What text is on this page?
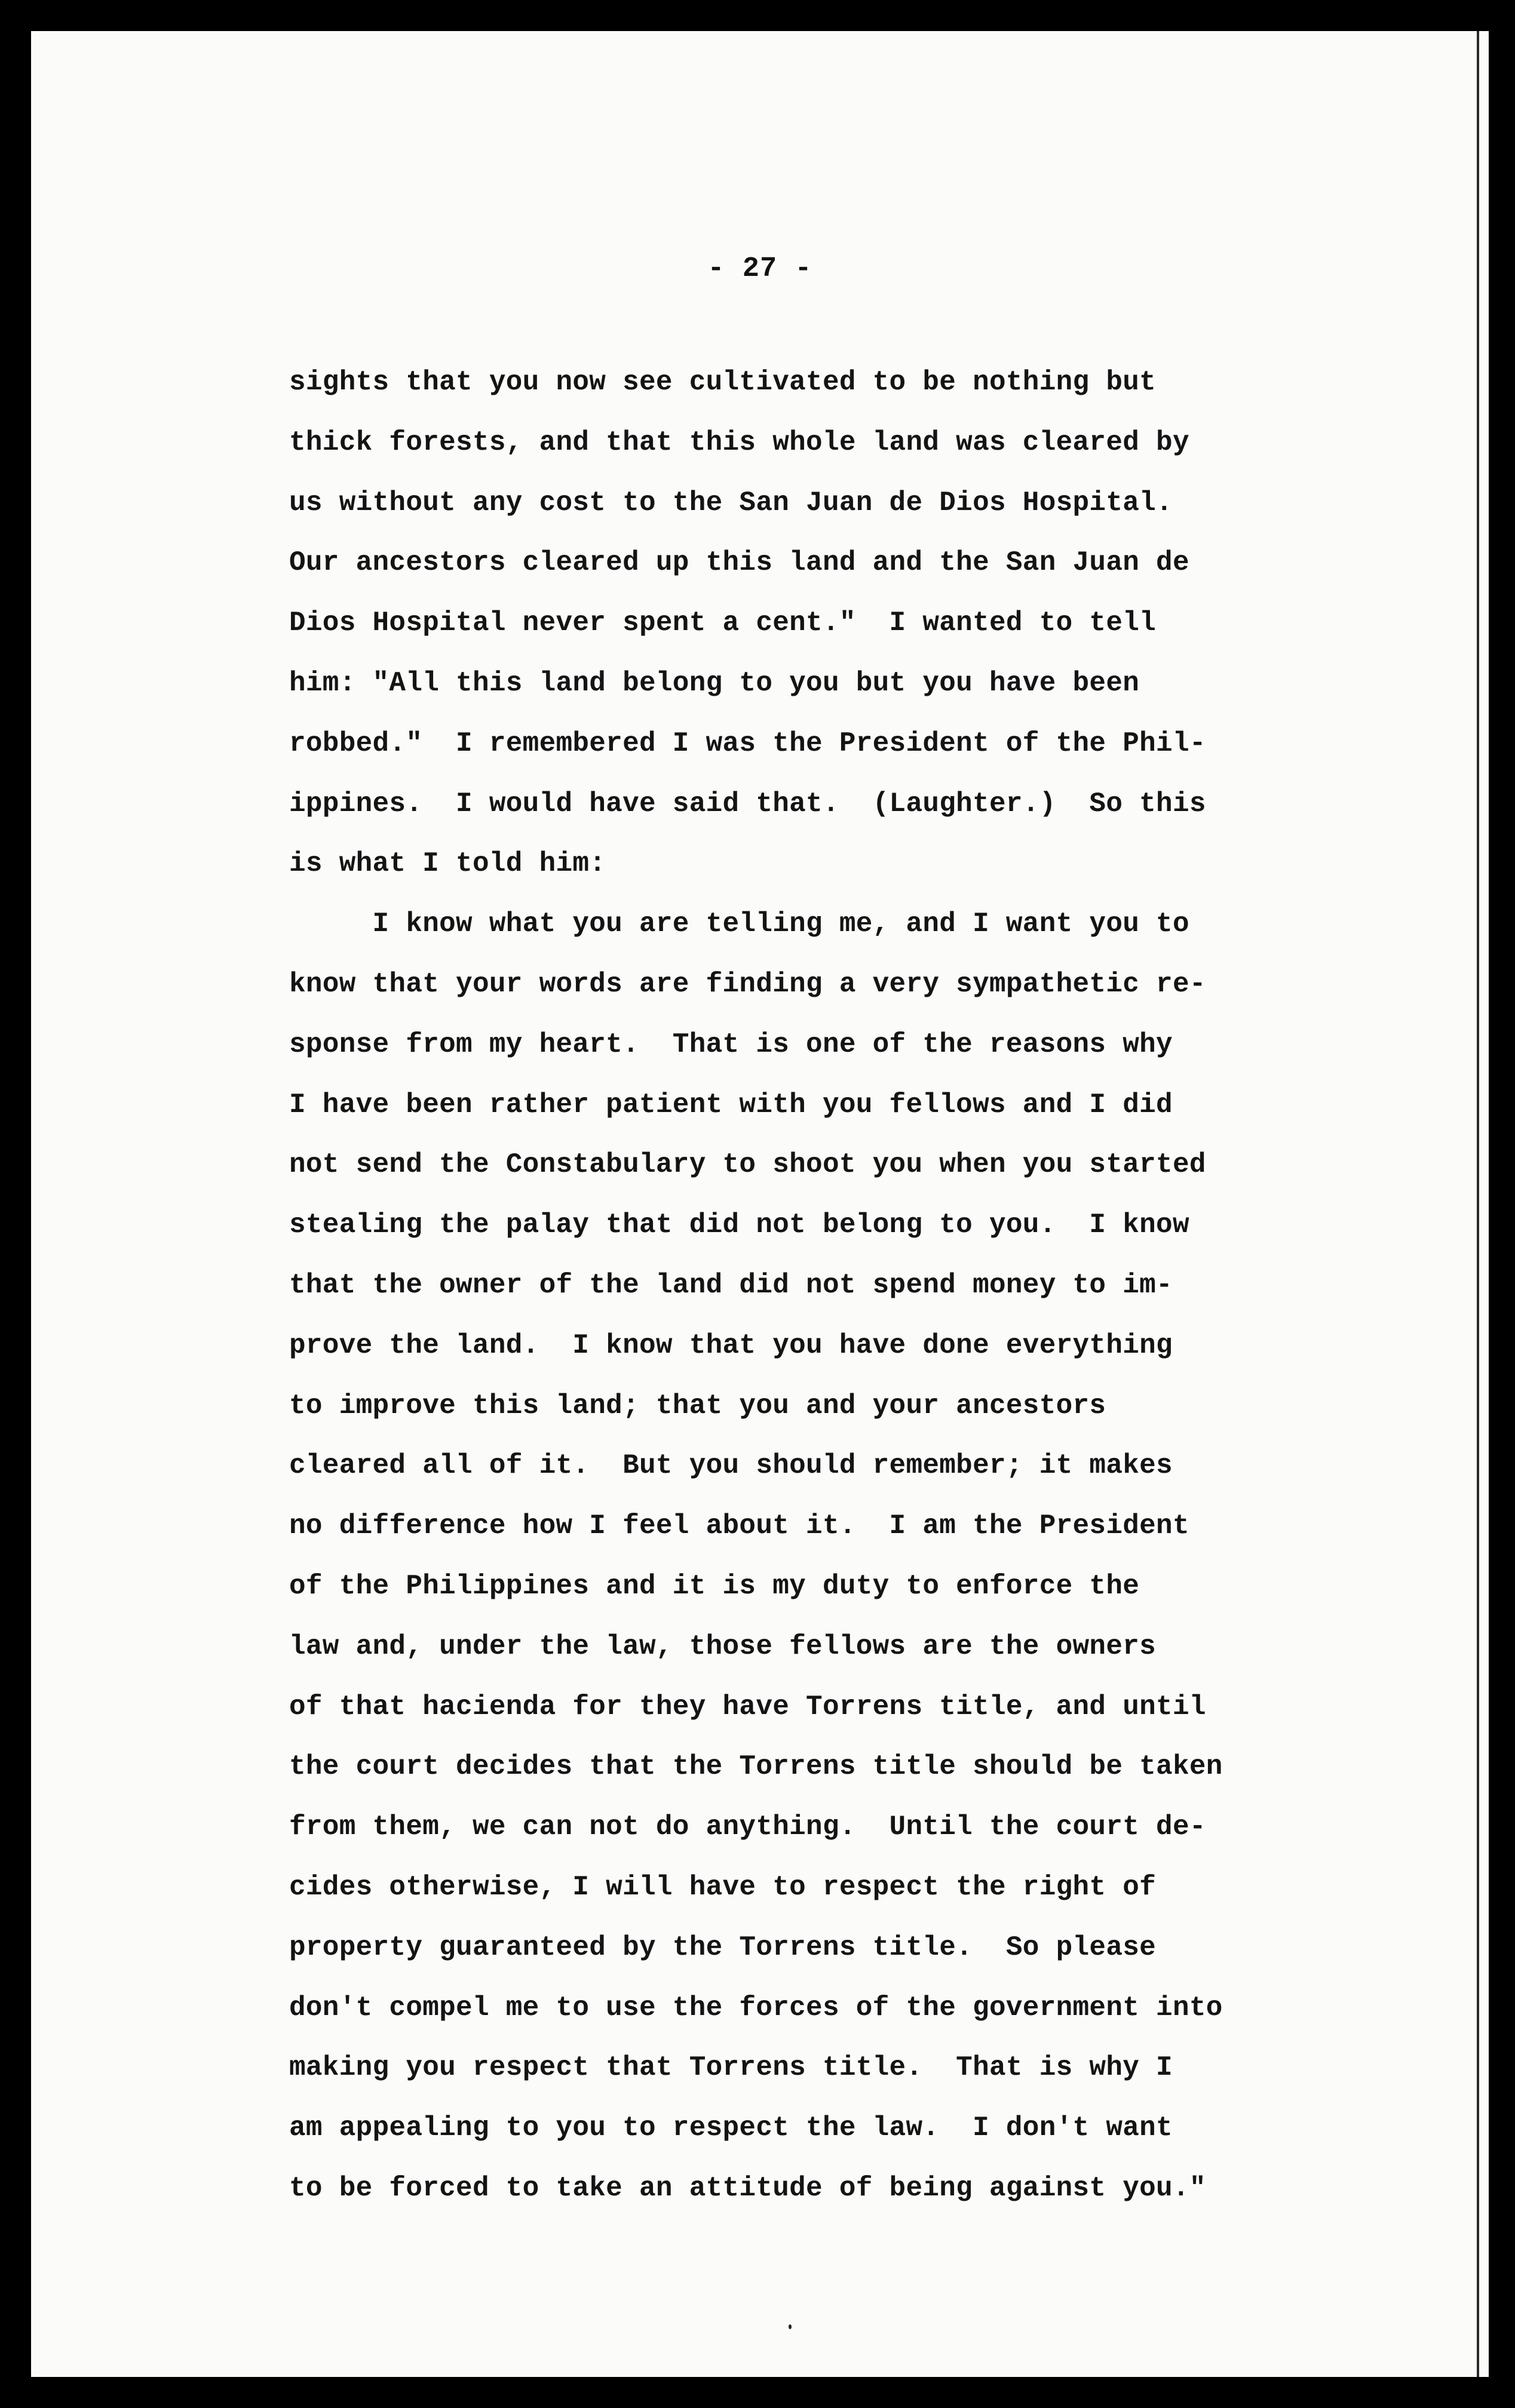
- 27 -
sights that you now see cultivated to be nothing but
thick forests, and that this whole land was cleared by
us without any cost to the San Juan de Dios Hospital.
Our ancestors cleared up this land and the San Juan de
Dios Hospital never spent a cent."  I wanted to tell
him: "All this land belong to you but you have been
robbed."  I remembered I was the President of the Phil-
ippines.  I would have said that.  (Laughter.)  So this
is what I told him:
I know what you are telling me, and I want you to
know that your words are finding a very sympathetic re-
sponse from my heart.  That is one of the reasons why
I have been rather patient with you fellows and I did
not send the Constabulary to shoot you when you started
stealing the palay that did not belong to you.  I know
that the owner of the land did not spend money to im-
prove the land.  I know that you have done everything
to improve this land; that you and your ancestors
cleared all of it.  But you should remember; it makes
no difference how I feel about it.  I am the President
of the Philippines and it is my duty to enforce the
law and, under the law, those fellows are the owners
of that hacienda for they have Torrens title, and until
the court decides that the Torrens title should be taken
from them, we can not do anything.  Until the court de-
cides otherwise, I will have to respect the right of
property guaranteed by the Torrens title.  So please
don't compel me to use the forces of the government into
making you respect that Torrens title.  That is why I
am appealing to you to respect the law.  I don't want
to be forced to take an attitude of being against you."
